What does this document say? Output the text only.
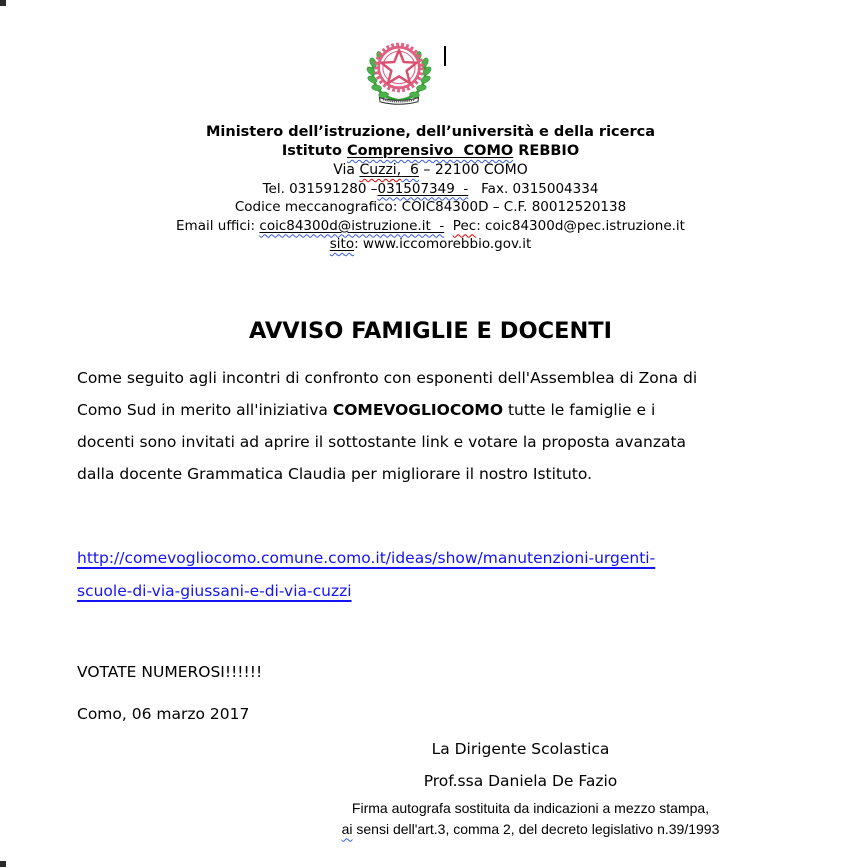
Ministero dell’istruzione, dell’università e della ricerca
Istituto Comprensivo  COMO REBBIO
Via Cuzzi,  6 – 22100 COMO
Tel. 031591280 –031507349  -   Fax. 0315004334
Codice meccanografico: COIC84300D – C.F. 80012520138
Email uffici: coic84300d@istruzione.it  - Pec: coic84300d@pec.istruzione.it
sito: www.iccomorebbio.gov.it
AVVISO FAMIGLIE E DOCENTI
Come seguito agli incontri di confronto con esponenti dell'Assemblea di Zona di
Como Sud in merito all'iniziativa COMEVOGLIOCOMO tutte le famiglie e i
docenti sono invitati ad aprire il sottostante link e votare la proposta avanzata
dalla docente Grammatica Claudia per migliorare il nostro Istituto.
http://comevogliocomo.comune.como.it/ideas/show/manutenzioni-urgenti-
scuole-di-via-giussani-e-di-via-cuzzi
VOTATE NUMEROSI!!!!!!
Como, 06 marzo 2017
La Dirigente Scolastica
Prof.ssa Daniela De Fazio
Firma autografa sostituita da indicazioni a mezzo stampa,
ai sensi dell'art.3, comma 2, del decreto legislativo n.39/1993
